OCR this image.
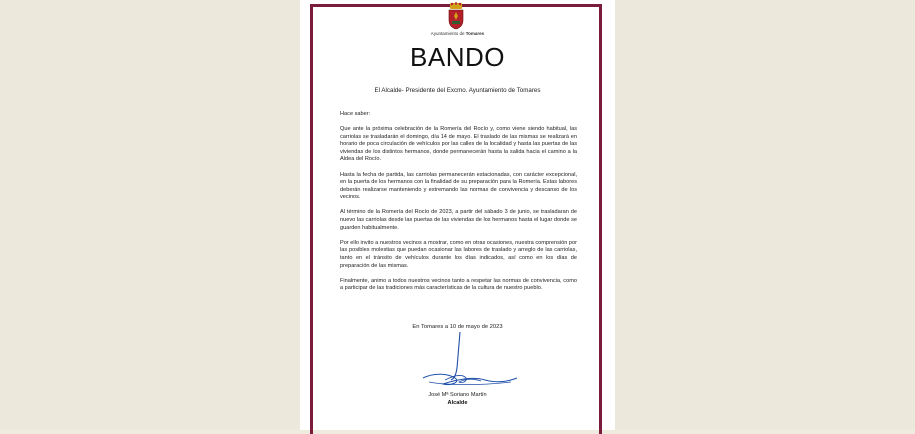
Ayuntamiento de Tomares
BANDO
El Alcalde- Presidente del Excmo. Ayuntamiento de Tomares

Hace saber:

Que ante la próxima celebración de la Romería del Rocío y, como viene siendo habitual, las carriolas se trasladarán el domingo, día 14 de mayo. El traslado de las mismas se realizará en horario de poca circulación de vehículos por las calles de la localidad y hasta las puertas de las viviendas de los distintos hermanos, donde permanecerán hasta la salida hacia el camino a la Aldea del Rocío.

Hasta la fecha de partida, las carriolas permanecerán estacionadas, con carácter excepcional, en la puerta de los hermanos con la finalidad de su preparación para la Romería. Estas labores deberán realizarse manteniendo y extremando las normas de convivencia y descanso de los vecinos.

Al término de la Romería del Rocío de 2023, a partir del sábado 3 de junio, se trasladaran de nuevo las carriolas desde las puertas de las viviendas de los hermanos hasta el lugar donde se guarden habitualmente.

Por ello invito a nuestros vecinos a mostrar, como en otras ocasiones, nuestra comprensión por las posibles molestias que puedan ocasionar las labores de traslado y arreglo de las carriolas, tanto en el tránsito de vehículos durante los días indicados, así como en los días de preparación de las mismas.

Finalmente, animo a todos nuestros vecinos tanto a respetar las normas de convivencia, como a participar de las tradiciones más características de la cultura de nuestro pueblo.

En Tomares a 10 de mayo de 2023
José Mª Soriano Martín
Alcalde
